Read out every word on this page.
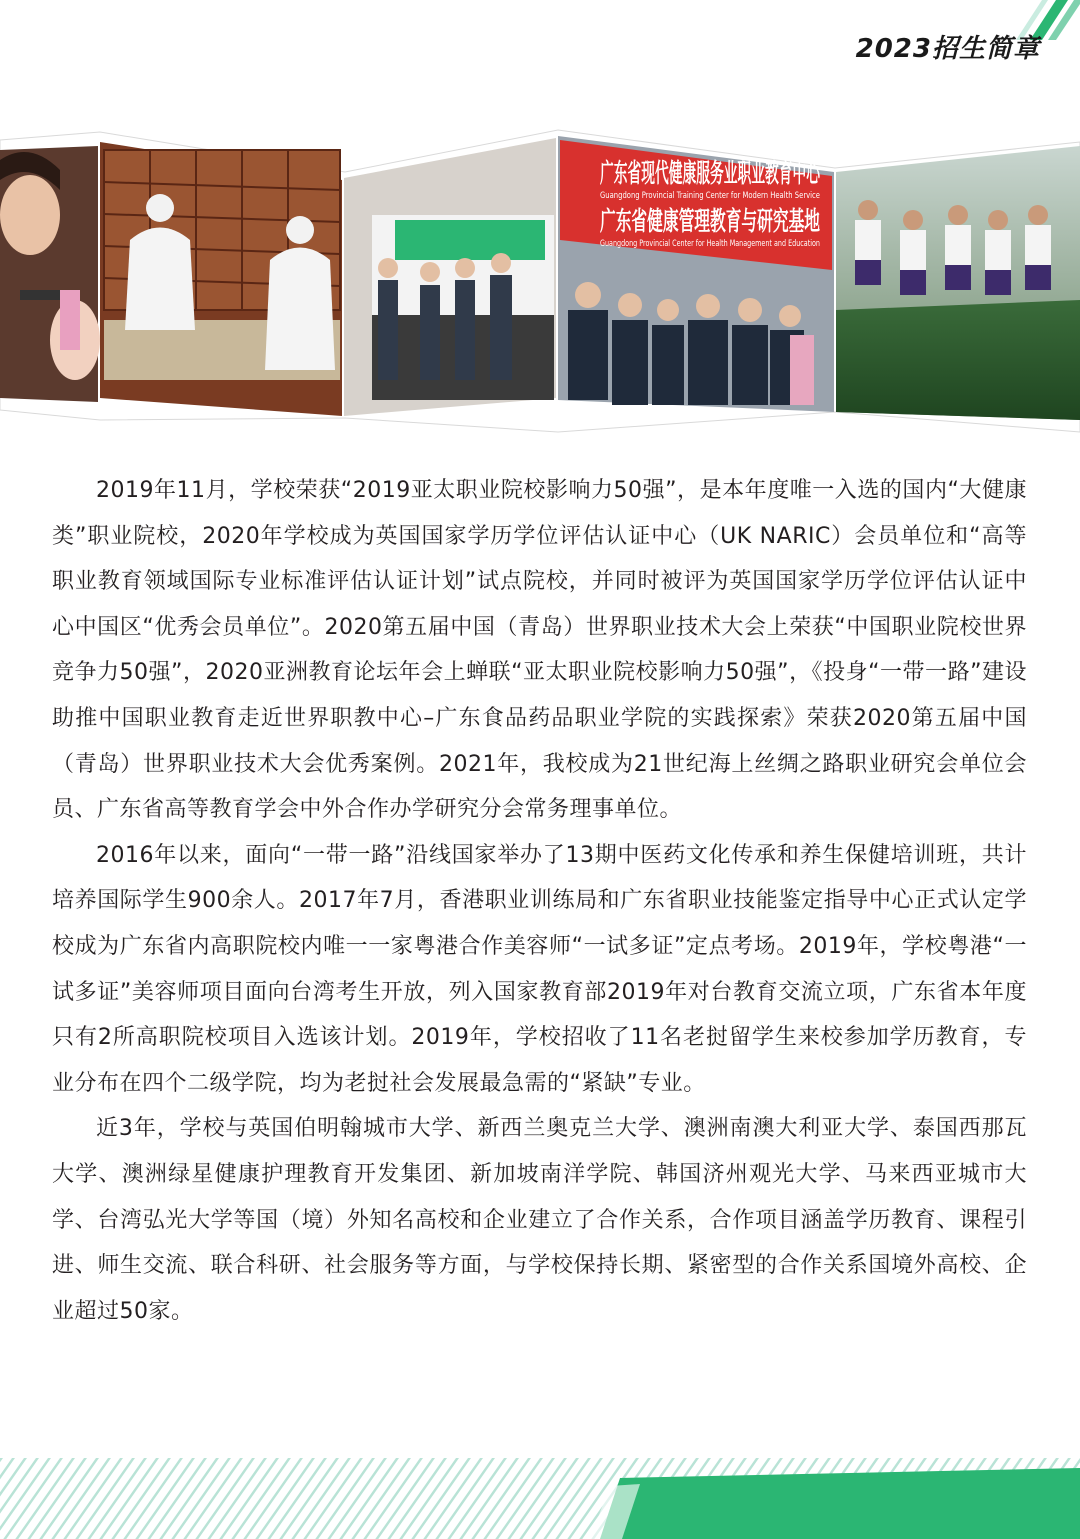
2023招生简章
广东省现代健康服务业职业教育中心
Guangdong Provincial Training Center for Modern Health Service
广东省健康管理教育与研究基地
Guangdong Provincial Center for Health Management and Education

2019年11月，学校荣获“2019亚太职业院校影响力50强”，是本年度唯一入选的国内“大健康类”职业院校，2020年学校成为英国国家学历学位评估认证中心（UK NARIC）会员单位和“高等职业教育领域国际专业标准评估认证计划”试点院校，并同时被评为英国国家学历学位评估认证中心中国区“优秀会员单位”。2020第五届中国（青岛）世界职业技术大会上荣获“中国职业院校世界竞争力50强”，2020亚洲教育论坛年会上蝉联“亚太职业院校影响力50强”，《投身“一带一路”建设助推中国职业教育走近世界职教中心–广东食品药品职业学院的实践探索》荣获2020第五届中国（青岛）世界职业技术大会优秀案例。2021年，我校成为21世纪海上丝绸之路职业研究会单位会员、广东省高等教育学会中外合作办学研究分会常务理事单位。

2016年以来，面向“一带一路”沿线国家举办了13期中医药文化传承和养生保健培训班，共计培养国际学生900余人。2017年7月，香港职业训练局和广东省职业技能鉴定指导中心正式认定学校成为广东省内高职院校内唯一一家粤港合作美容师“一试多证”定点考场。2019年，学校粤港“一试多证”美容师项目面向台湾考生开放，列入国家教育部2019年对台教育交流立项，广东省本年度只有2所高职院校项目入选该计划。2019年，学校招收了11名老挝留学生来校参加学历教育，专业分布在四个二级学院，均为老挝社会发展最急需的“紧缺”专业。

近3年，学校与英国伯明翰城市大学、新西兰奥克兰大学、澳洲南澳大利亚大学、泰国西那瓦大学、澳洲绿星健康护理教育开发集团、新加坡南洋学院、韩国济州观光大学、马来西亚城市大学、台湾弘光大学等国（境）外知名高校和企业建立了合作关系，合作项目涵盖学历教育、课程引进、师生交流、联合科研、社会服务等方面，与学校保持长期、紧密型的合作关系国境外高校、企业超过50家。
